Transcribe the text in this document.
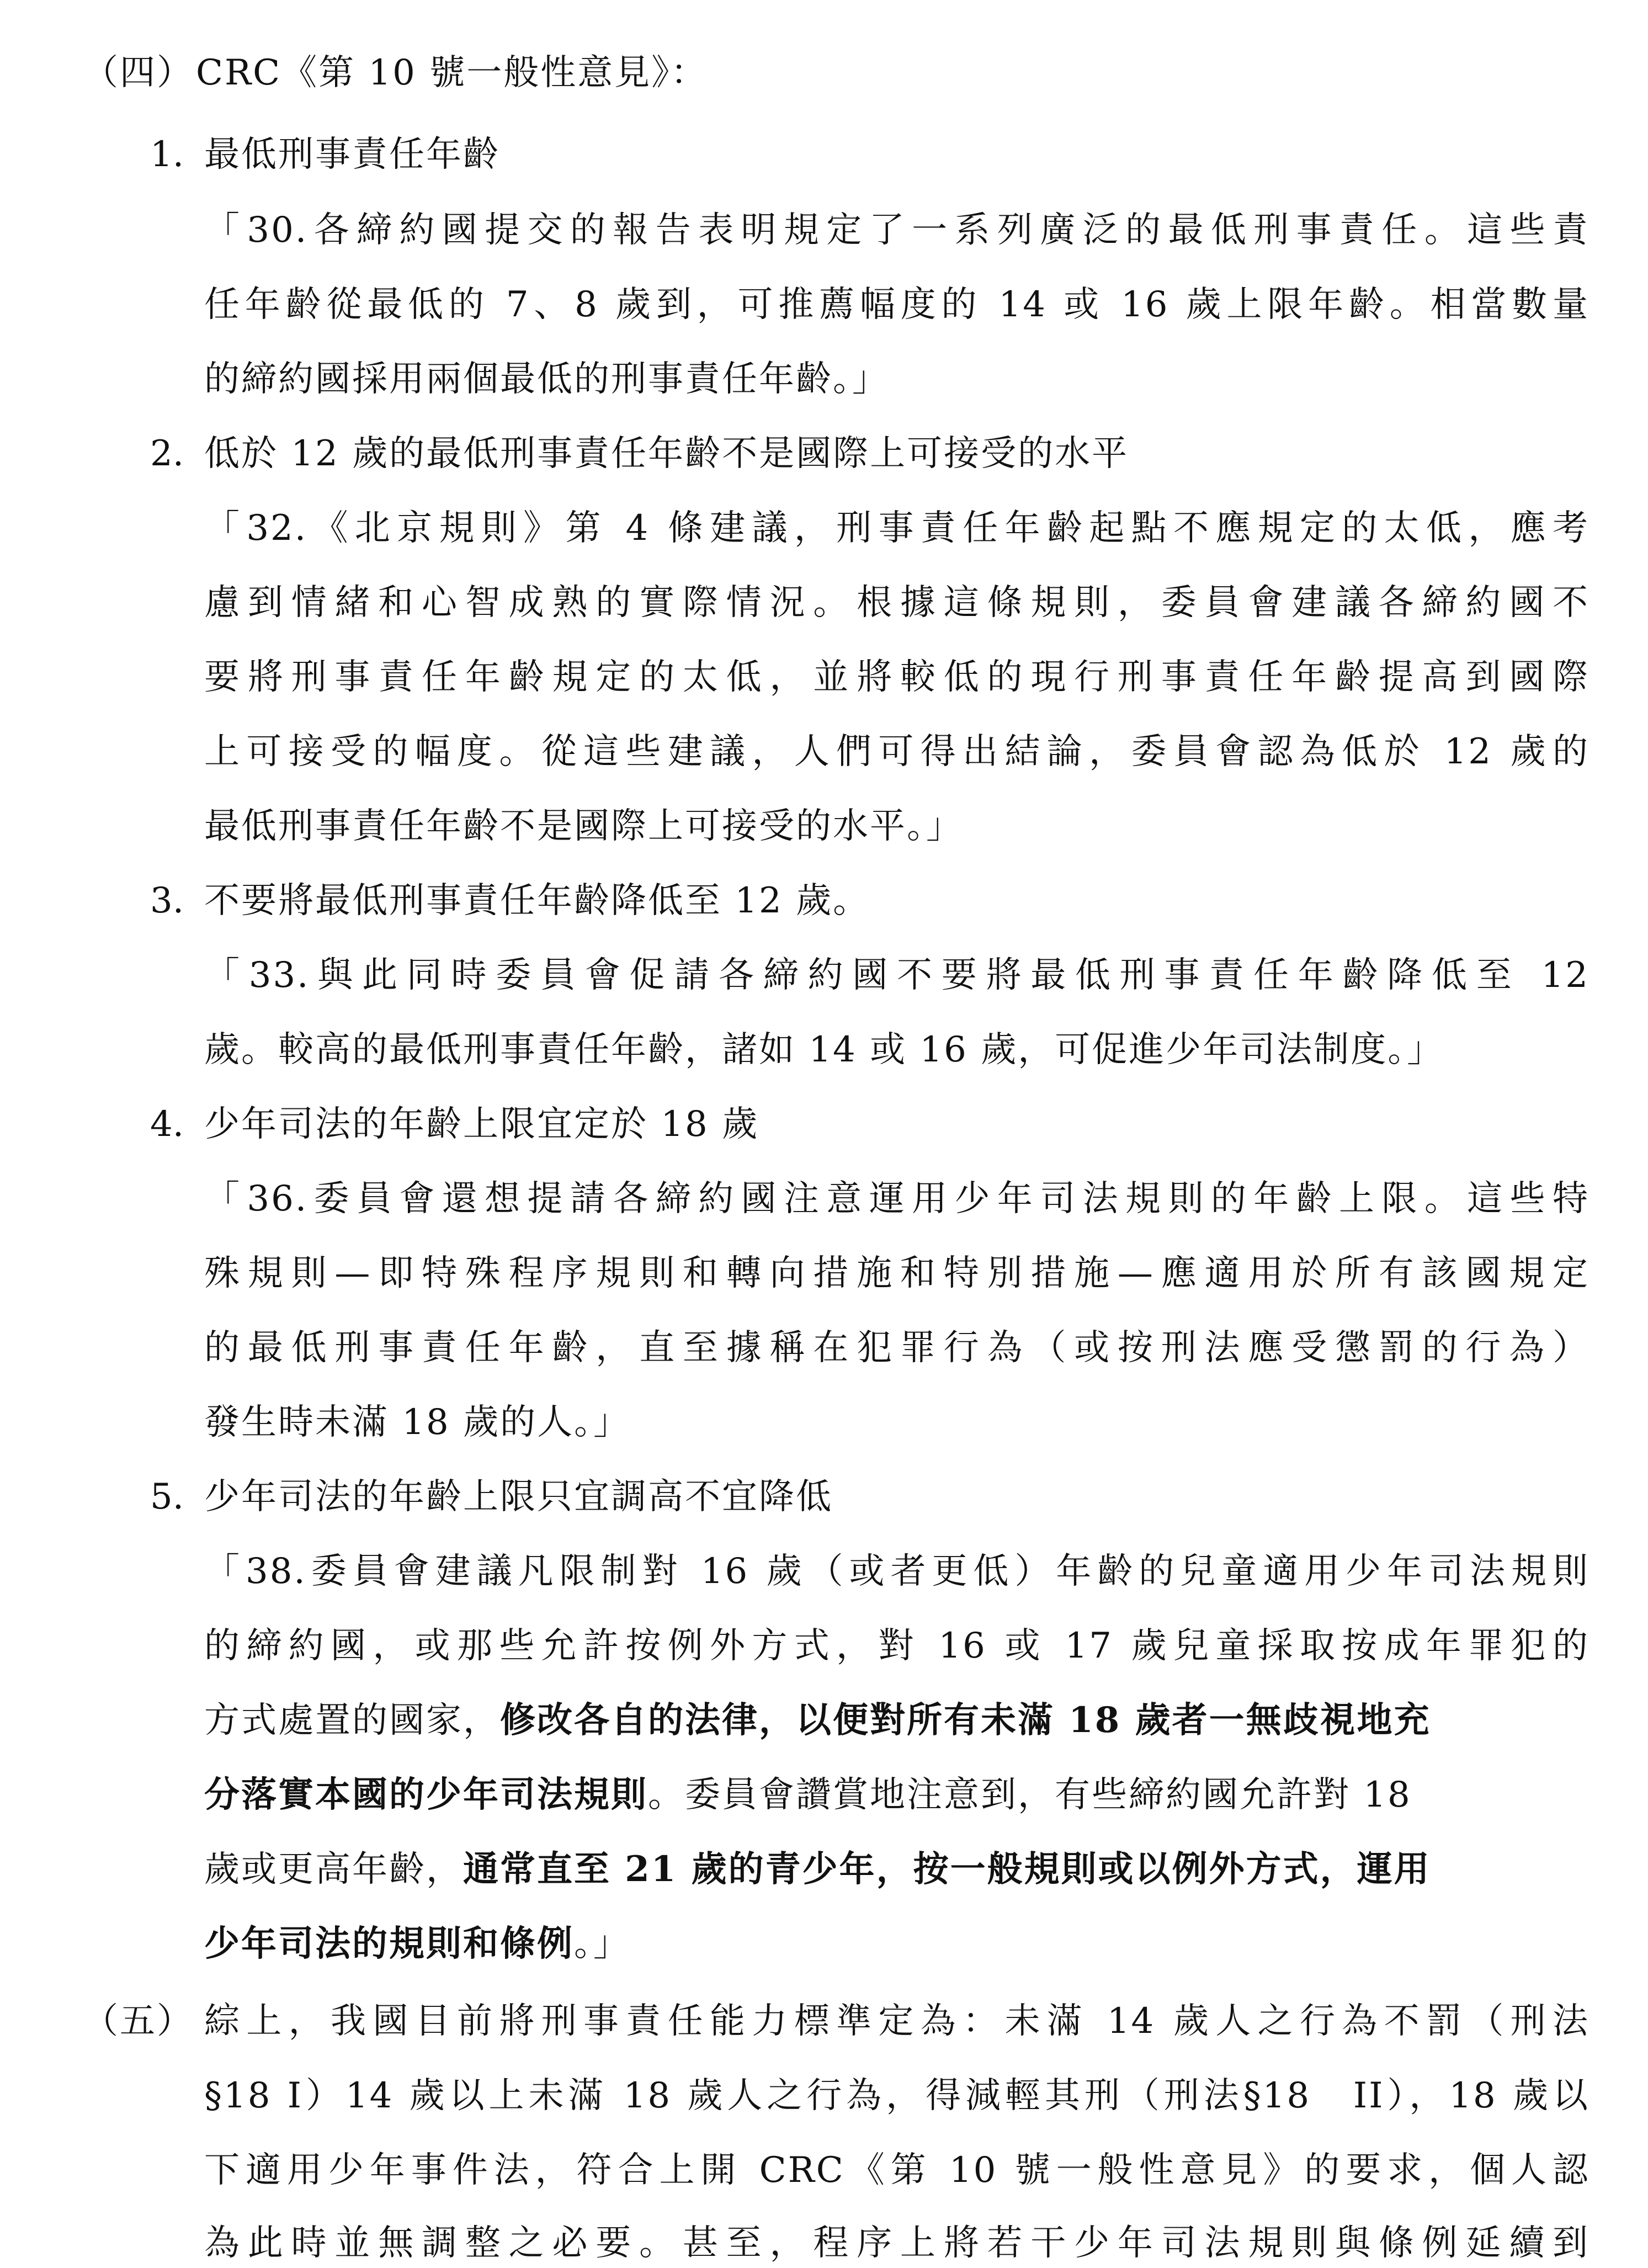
（四） CRC《第 10 號一般性意見》：
1. 最低刑事責任年齡
「30.各締約國提交的報告表明規定了一系列廣泛的最低刑事責任。這些責
任年齡從最低的 7、8 歲到，可推薦幅度的 14 或 16 歲上限年齡。相當數量
的締約國採用兩個最低的刑事責任年齡。」
2. 低於 12 歲的最低刑事責任年齡不是國際上可接受的水平
「32.《北京規則》第 4 條建議，刑事責任年齡起點不應規定的太低，應考
慮到情緒和心智成熟的實際情況。根據這條規則，委員會建議各締約國不
要將刑事責任年齡規定的太低，並將較低的現行刑事責任年齡提高到國際
上可接受的幅度。從這些建議，人們可得出結論，委員會認為低於 12 歲的
最低刑事責任年齡不是國際上可接受的水平。」
3. 不要將最低刑事責任年齡降低至 12 歲。
「33.與此同時委員會促請各締約國不要將最低刑事責任年齡降低至 12
歲。較高的最低刑事責任年齡，諸如 14 或 16 歲，可促進少年司法制度。」
4. 少年司法的年齡上限宜定於 18 歲
「36.委員會還想提請各締約國注意運用少年司法規則的年齡上限。這些特
殊規則—即特殊程序規則和轉向措施和特別措施—應適用於所有該國規定
的最低刑事責任年齡，直至據稱在犯罪行為（或按刑法應受懲罰的行為）
發生時未滿 18 歲的人。」
5. 少年司法的年齡上限只宜調高不宜降低
「38.委員會建議凡限制對 16 歲（或者更低）年齡的兒童適用少年司法規則
的締約國，或那些允許按例外方式，對 16 或 17 歲兒童採取按成年罪犯的
方式處置的國家，修改各自的法律，以便對所有未滿 18 歲者一無歧視地充
分落實本國的少年司法規則。委員會讚賞地注意到，有些締約國允許對 18
歲或更高年齡，通常直至 21 歲的青少年，按一般規則或以例外方式，運用
少年司法的規則和條例。」
（五） 綜上，我國目前將刑事責任能力標準定為：未滿 14 歲人之行為不罰（刑法
§18 I）14 歲以上未滿 18 歲人之行為，得減輕其刑（刑法§18　II），18 歲以
下適用少年事件法，符合上開 CRC《第 10 號一般性意見》的要求，個人認
為此時並無調整之必要。甚至，程序上將若干少年司法規則與條例延續到
